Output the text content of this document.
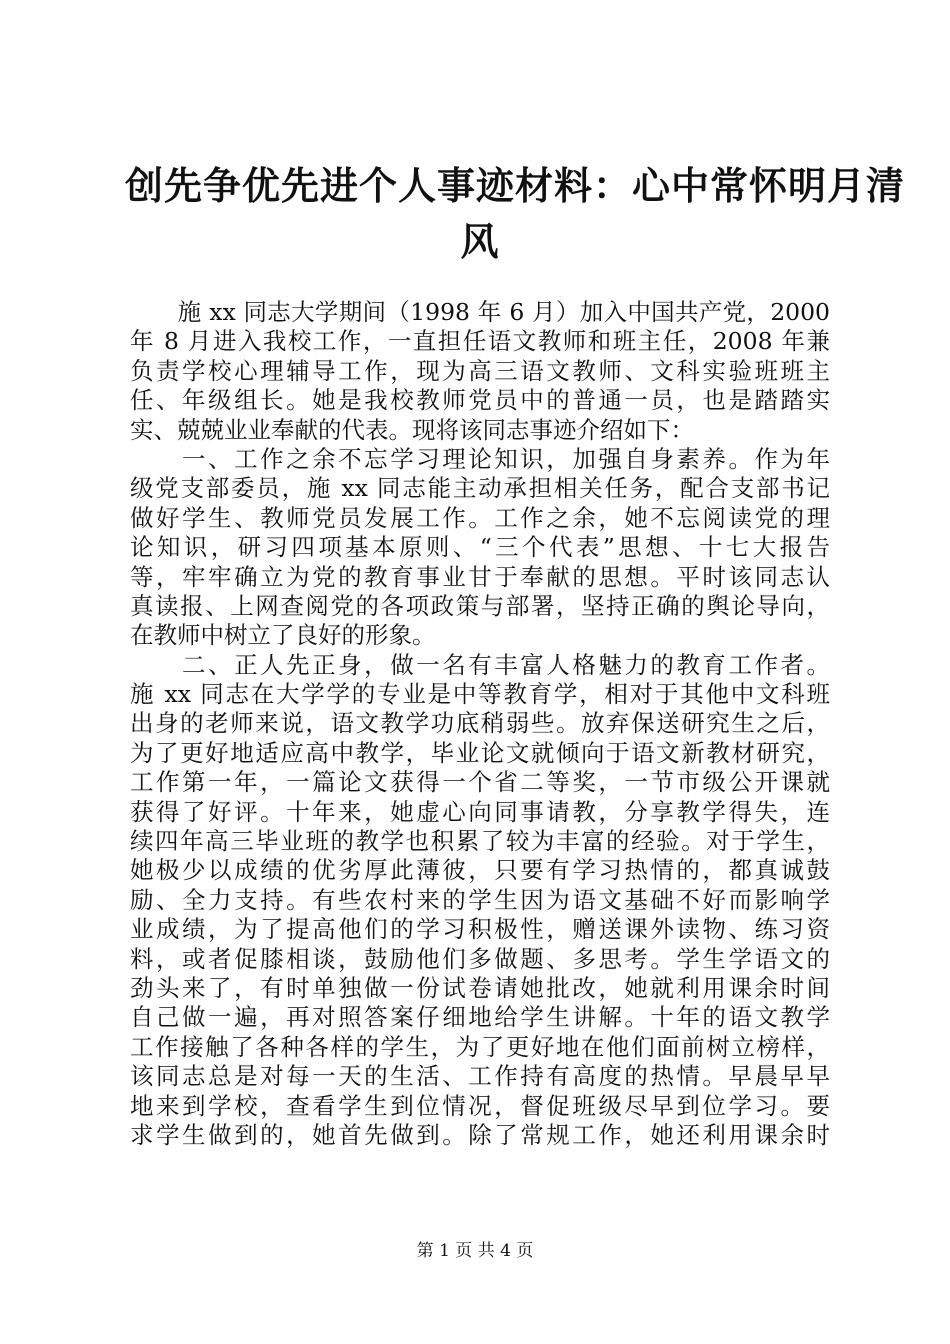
创先争优先进个人事迹材料：心中常怀明月清
风
　　施 xx 同志大学期间（1998 年 6 月）加入中国共产党，2000
年 8 月进入我校工作，一直担任语文教师和班主任，2008 年兼
负责学校心理辅导工作，现为高三语文教师、文科实验班班主
任、年级组长。她是我校教师党员中的普通一员，也是踏踏实
实、兢兢业业奉献的代表。现将该同志事迹介绍如下：
　　一、工作之余不忘学习理论知识，加强自身素养。作为年
级党支部委员，施 xx 同志能主动承担相关任务，配合支部书记
做好学生、教师党员发展工作。工作之余，她不忘阅读党的理
论知识，研习四项基本原则、“三个代表”思想、十七大报告
等，牢牢确立为党的教育事业甘于奉献的思想。平时该同志认
真读报、上网查阅党的各项政策与部署，坚持正确的舆论导向，
在教师中树立了良好的形象。
　　二、正人先正身，做一名有丰富人格魅力的教育工作者。
施 xx 同志在大学学的专业是中等教育学，相对于其他中文科班
出身的老师来说，语文教学功底稍弱些。放弃保送研究生之后，
为了更好地适应高中教学，毕业论文就倾向于语文新教材研究，
工作第一年，一篇论文获得一个省二等奖，一节市级公开课就
获得了好评。十年来，她虚心向同事请教，分享教学得失，连
续四年高三毕业班的教学也积累了较为丰富的经验。对于学生，
她极少以成绩的优劣厚此薄彼，只要有学习热情的，都真诚鼓
励、全力支持。有些农村来的学生因为语文基础不好而影响学
业成绩，为了提高他们的学习积极性，赠送课外读物、练习资
料，或者促膝相谈，鼓励他们多做题、多思考。学生学语文的
劲头来了，有时单独做一份试卷请她批改，她就利用课余时间
自己做一遍，再对照答案仔细地给学生讲解。十年的语文教学
工作接触了各种各样的学生，为了更好地在他们面前树立榜样，
该同志总是对每一天的生活、工作持有高度的热情。早晨早早
地来到学校，查看学生到位情况，督促班级尽早到位学习。要
求学生做到的，她首先做到。除了常规工作，她还利用课余时
第 1 页 共 4 页
